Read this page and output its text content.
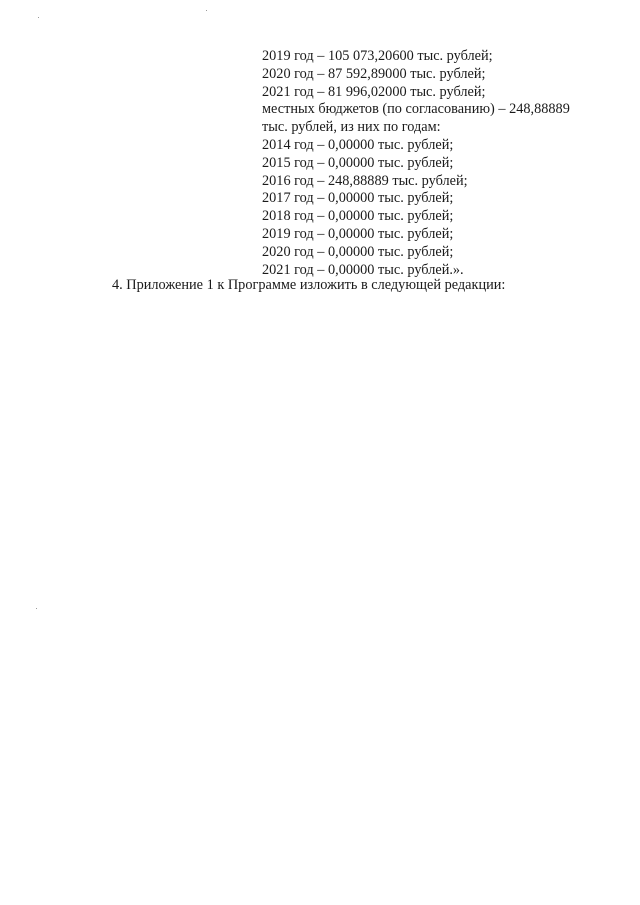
2019 год – 105 073,20600 тыс. рублей;

2020 год – 87 592,89000 тыс. рублей;

2021 год – 81 996,02000 тыс. рублей;

местных бюджетов (по согласованию) – 248,88889

тыс. рублей, из них по годам:

2014 год – 0,00000 тыс. рублей;

2015 год – 0,00000 тыс. рублей;

2016 год – 248,88889 тыс. рублей;

2017 год – 0,00000 тыс. рублей;

2018 год – 0,00000 тыс. рублей;

2019 год – 0,00000 тыс. рублей;

2020 год – 0,00000 тыс. рублей;

2021 год – 0,00000 тыс. рублей.».

4. Приложение 1 к Программе изложить в следующей редакции:
